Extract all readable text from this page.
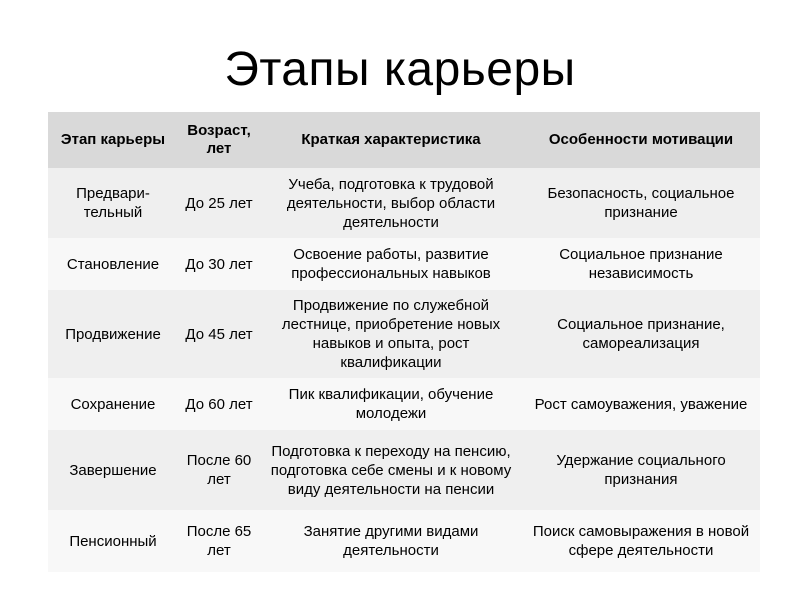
Этапы карьеры
Этап карьеры	Возраст, лет	Краткая характеристика	Особенности мотивации
Предвари-тельный	До 25 лет	Учеба, подготовка к трудовой деятельности, выбор области деятельности	Безопасность, социальное признание
Становление	До 30 лет	Освоение работы, развитие профессиональных навыков	Социальное признание независимость
Продвижение	До 45 лет	Продвижение по служебной лестнице, приобретение новых навыков и опыта, рост квалификации	Социальное признание, самореализация
Сохранение	До 60 лет	Пик квалификации, обучение молодежи	Рост самоуважения, уважение
Завершение	После 60 лет	Подготовка к переходу на пенсию, подготовка себе смены и к новому виду деятельности на пенсии	Удержание социального признания
Пенсионный	После 65 лет	Занятие другими видами деятельности	Поиск самовыражения в новой сфере деятельности
